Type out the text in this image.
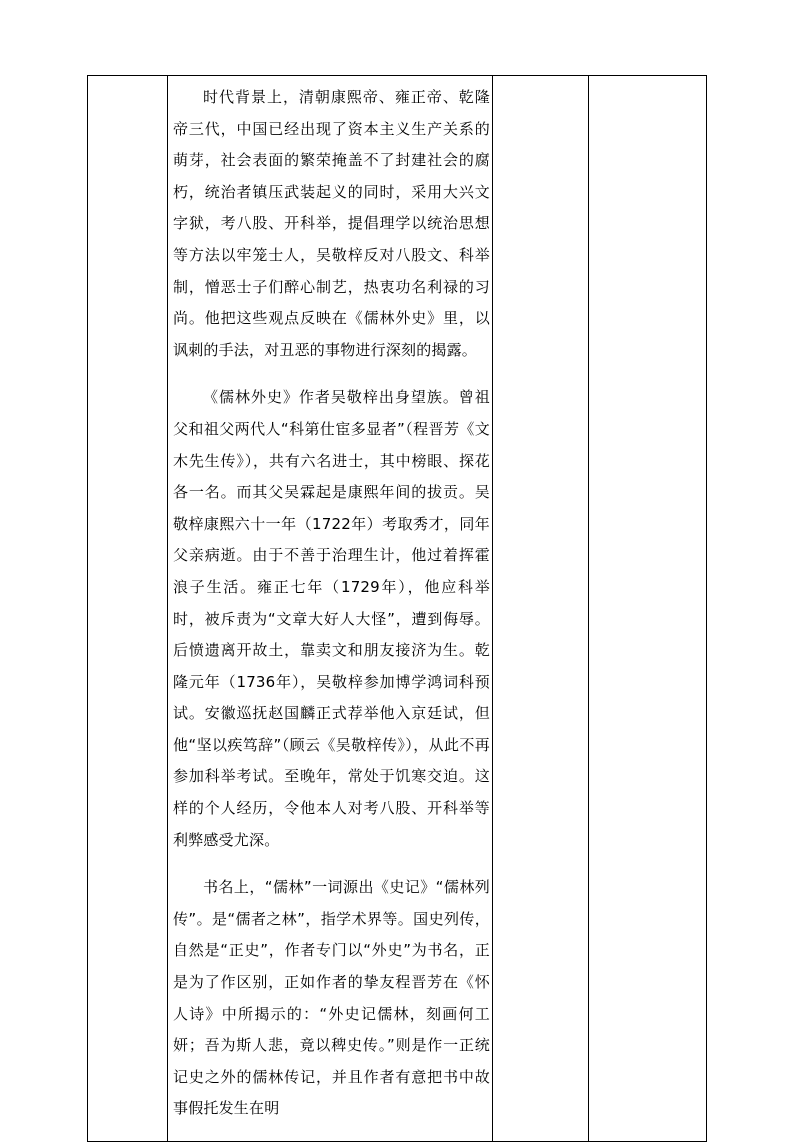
时代背景上，清朝康熙帝、雍正帝、乾隆帝三代，中国已经出现了资本主义生产关系的萌芽，社会表面的繁荣掩盖不了封建社会的腐朽，统治者镇压武装起义的同时，采用大兴文字狱，考八股、开科举，提倡理学以统治思想等方法以牢笼士人，吴敬梓反对八股文、科举制，憎恶士子们醉心制艺，热衷功名利禄的习尚。他把这些观点反映在《儒林外史》里，以讽刺的手法，对丑恶的事物进行深刻的揭露。

《儒林外史》作者吴敬梓出身望族。曾祖父和祖父两代人“科第仕宦多显者”（程晋芳《文木先生传》），共有六名进士，其中榜眼、探花各一名。而其父吴霖起是康熙年间的拔贡。吴敬梓康熙六十一年（1722年）考取秀才，同年父亲病逝。由于不善于治理生计，他过着挥霍浪子生活。雍正七年（1729年），他应科举时，被斥责为“文章大好人大怪”，遭到侮辱。后愤遗离开故土，靠卖文和朋友接济为生。乾隆元年（1736年），吴敬梓参加博学鸿词科预试。安徽巡抚赵国麟正式荐举他入京廷试，但他“坚以疾笃辞”（顾云《吴敬梓传》），从此不再参加科举考试。至晚年，常处于饥寒交迫。这样的个人经历，令他本人对考八股、开科举等利弊感受尤深。

书名上，“儒林”一词源出《史记》“儒林列传”。是“儒者之林”，指学术界等。国史列传，自然是“正史”，作者专门以“外史”为书名，正是为了作区别，正如作者的挚友程晋芳在《怀人诗》中所揭示的：“外史记儒林，刻画何工妍；吾为斯人悲，竟以稗史传。”则是作一正统记史之外的儒林传记，并且作者有意把书中故事假托发生在明
